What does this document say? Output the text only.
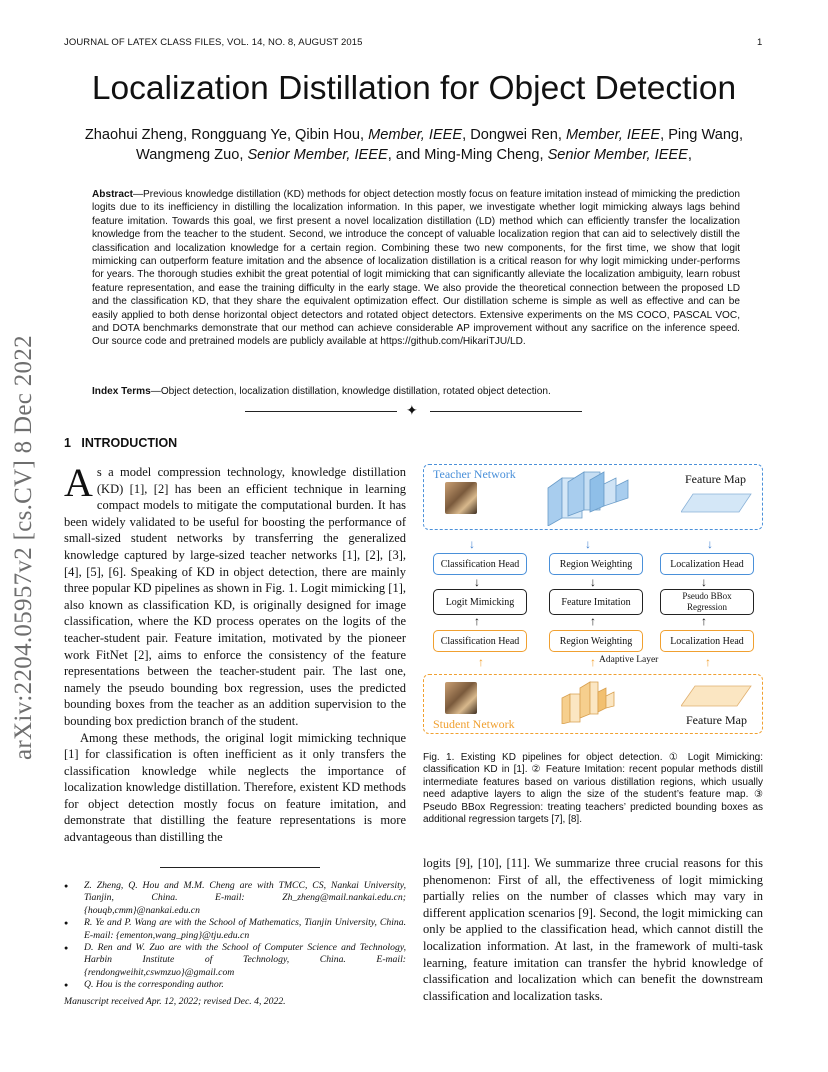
JOURNAL OF LATEX CLASS FILES, VOL. 14, NO. 8, AUGUST 2015	1
Localization Distillation for Object Detection
Zhaohui Zheng, Rongguang Ye, Qibin Hou, Member, IEEE, Dongwei Ren, Member, IEEE, Ping Wang,
Wangmeng Zuo, Senior Member, IEEE, and Ming-Ming Cheng, Senior Member, IEEE,
Abstract—Previous knowledge distillation (KD) methods for object detection mostly focus on feature imitation instead of mimicking the prediction logits due to its inefficiency in distilling the localization information. In this paper, we investigate whether logit mimicking always lags behind feature imitation. Towards this goal, we first present a novel localization distillation (LD) method which can efficiently transfer the localization knowledge from the teacher to the student. Second, we introduce the concept of valuable localization region that can aid to selectively distill the classification and localization knowledge for a certain region. Combining these two new components, for the first time, we show that logit mimicking can outperform feature imitation and the absence of localization distillation is a critical reason for why logit mimicking under-performs for years. The thorough studies exhibit the great potential of logit mimicking that can significantly alleviate the localization ambiguity, learn robust feature representation, and ease the training difficulty in the early stage. We also provide the theoretical connection between the proposed LD and the classification KD, that they share the equivalent optimization effect. Our distillation scheme is simple as well as effective and can be easily applied to both dense horizontal object detectors and rotated object detectors. Extensive experiments on the MS COCO, PASCAL VOC, and DOTA benchmarks demonstrate that our method can achieve considerable AP improvement without any sacrifice on the inference speed. Our source code and pretrained models are publicly available at https://github.com/HikariTJU/LD.
Index Terms—Object detection, localization distillation, knowledge distillation, rotated object detection.
✦
arXiv:2204.05957v2 [cs.CV] 8 Dec 2022 1 INTRODUCTION

As a model compression technology, knowledge distillation (KD) [1], [2] has been an efficient technique in learning compact models to mitigate the computational burden. It has been widely validated to be useful for boosting the performance of small-sized student networks by transferring the generalized knowledge captured by large-sized teacher networks [1], [2], [3], [4], [5], [6]. Speaking of KD in object detection, there are mainly three popular KD pipelines as shown in Fig. 1. Logit mimicking [1], also known as classification KD, is originally designed for image classification, where the KD process operates on the logits of the teacher-student pair. Feature imitation, motivated by the pioneer work FitNet [2], aims to enforce the consistency of the feature representations between the teacher-student pair. The last one, namely the pseudo bounding box regression, uses the predicted bounding boxes from the teacher as an addition supervision to the bounding box prediction branch of the student.

Among these methods, the original logit mimicking technique [1] for classification is often inefficient as it only transfers the classification knowledge while neglects the importance of localization knowledge distillation. Therefore, existent KD methods for object detection mostly focus on feature imitation, and demonstrate that distilling the feature representations is more advantageous than distilling the

● Z. Zheng, Q. Hou and M.M. Cheng are with TMCC, CS, Nankai University, Tianjin, China. E-mail: Zh_zheng@mail.nankai.edu.cn; {houqb,cmm}@nankai.edu.cn
● R. Ye and P. Wang are with the School of Mathematics, Tianjin University, China. E-mail: {ementon,wang_ping}@tju.edu.cn
● D. Ren and W. Zuo are with the School of Computer Science and Technology, Harbin Institute of Technology, China. E-mail: {rendongweihit,cswmzuo}@gmail.com
● Q. Hou is the corresponding author.
Manuscript received Apr. 12, 2022; revised Dec. 4, 2022.
Teacher Network	Feature Map
↓	↓	↓
Classification Head	Region Weighting	Localization Head
↓	↓	↓
Logit Mimicking	Feature Imitation
Pseudo BBox
Regression
↑	↑	↑
Classification Head	Region Weighting	Localization Head
Adaptive Layer
↑	↑	↑
Student Network	Feature Map
Fig. 1. Existing KD pipelines for object detection. ① Logit Mimicking: classification KD in [1]. ② Feature Imitation: recent popular methods distill intermediate features based on various distillation regions, which usually need adaptive layers to align the size of the student’s feature map. ③ Pseudo BBox Regression: treating teachers’ predicted bounding boxes as additional regression targets [7], [8].

logits [9], [10], [11]. We summarize three crucial reasons for this phenomenon: First of all, the effectiveness of logit mimicking partially relies on the number of classes which may vary in different application scenarios [9]. Second, the logit mimicking can only be applied to the classification head, which cannot distill the localization information. At last, in the framework of multi-task learning, feature imitation can transfer the hybrid knowledge of classification and localization which can benefit the downstream classification and localization tasks.
